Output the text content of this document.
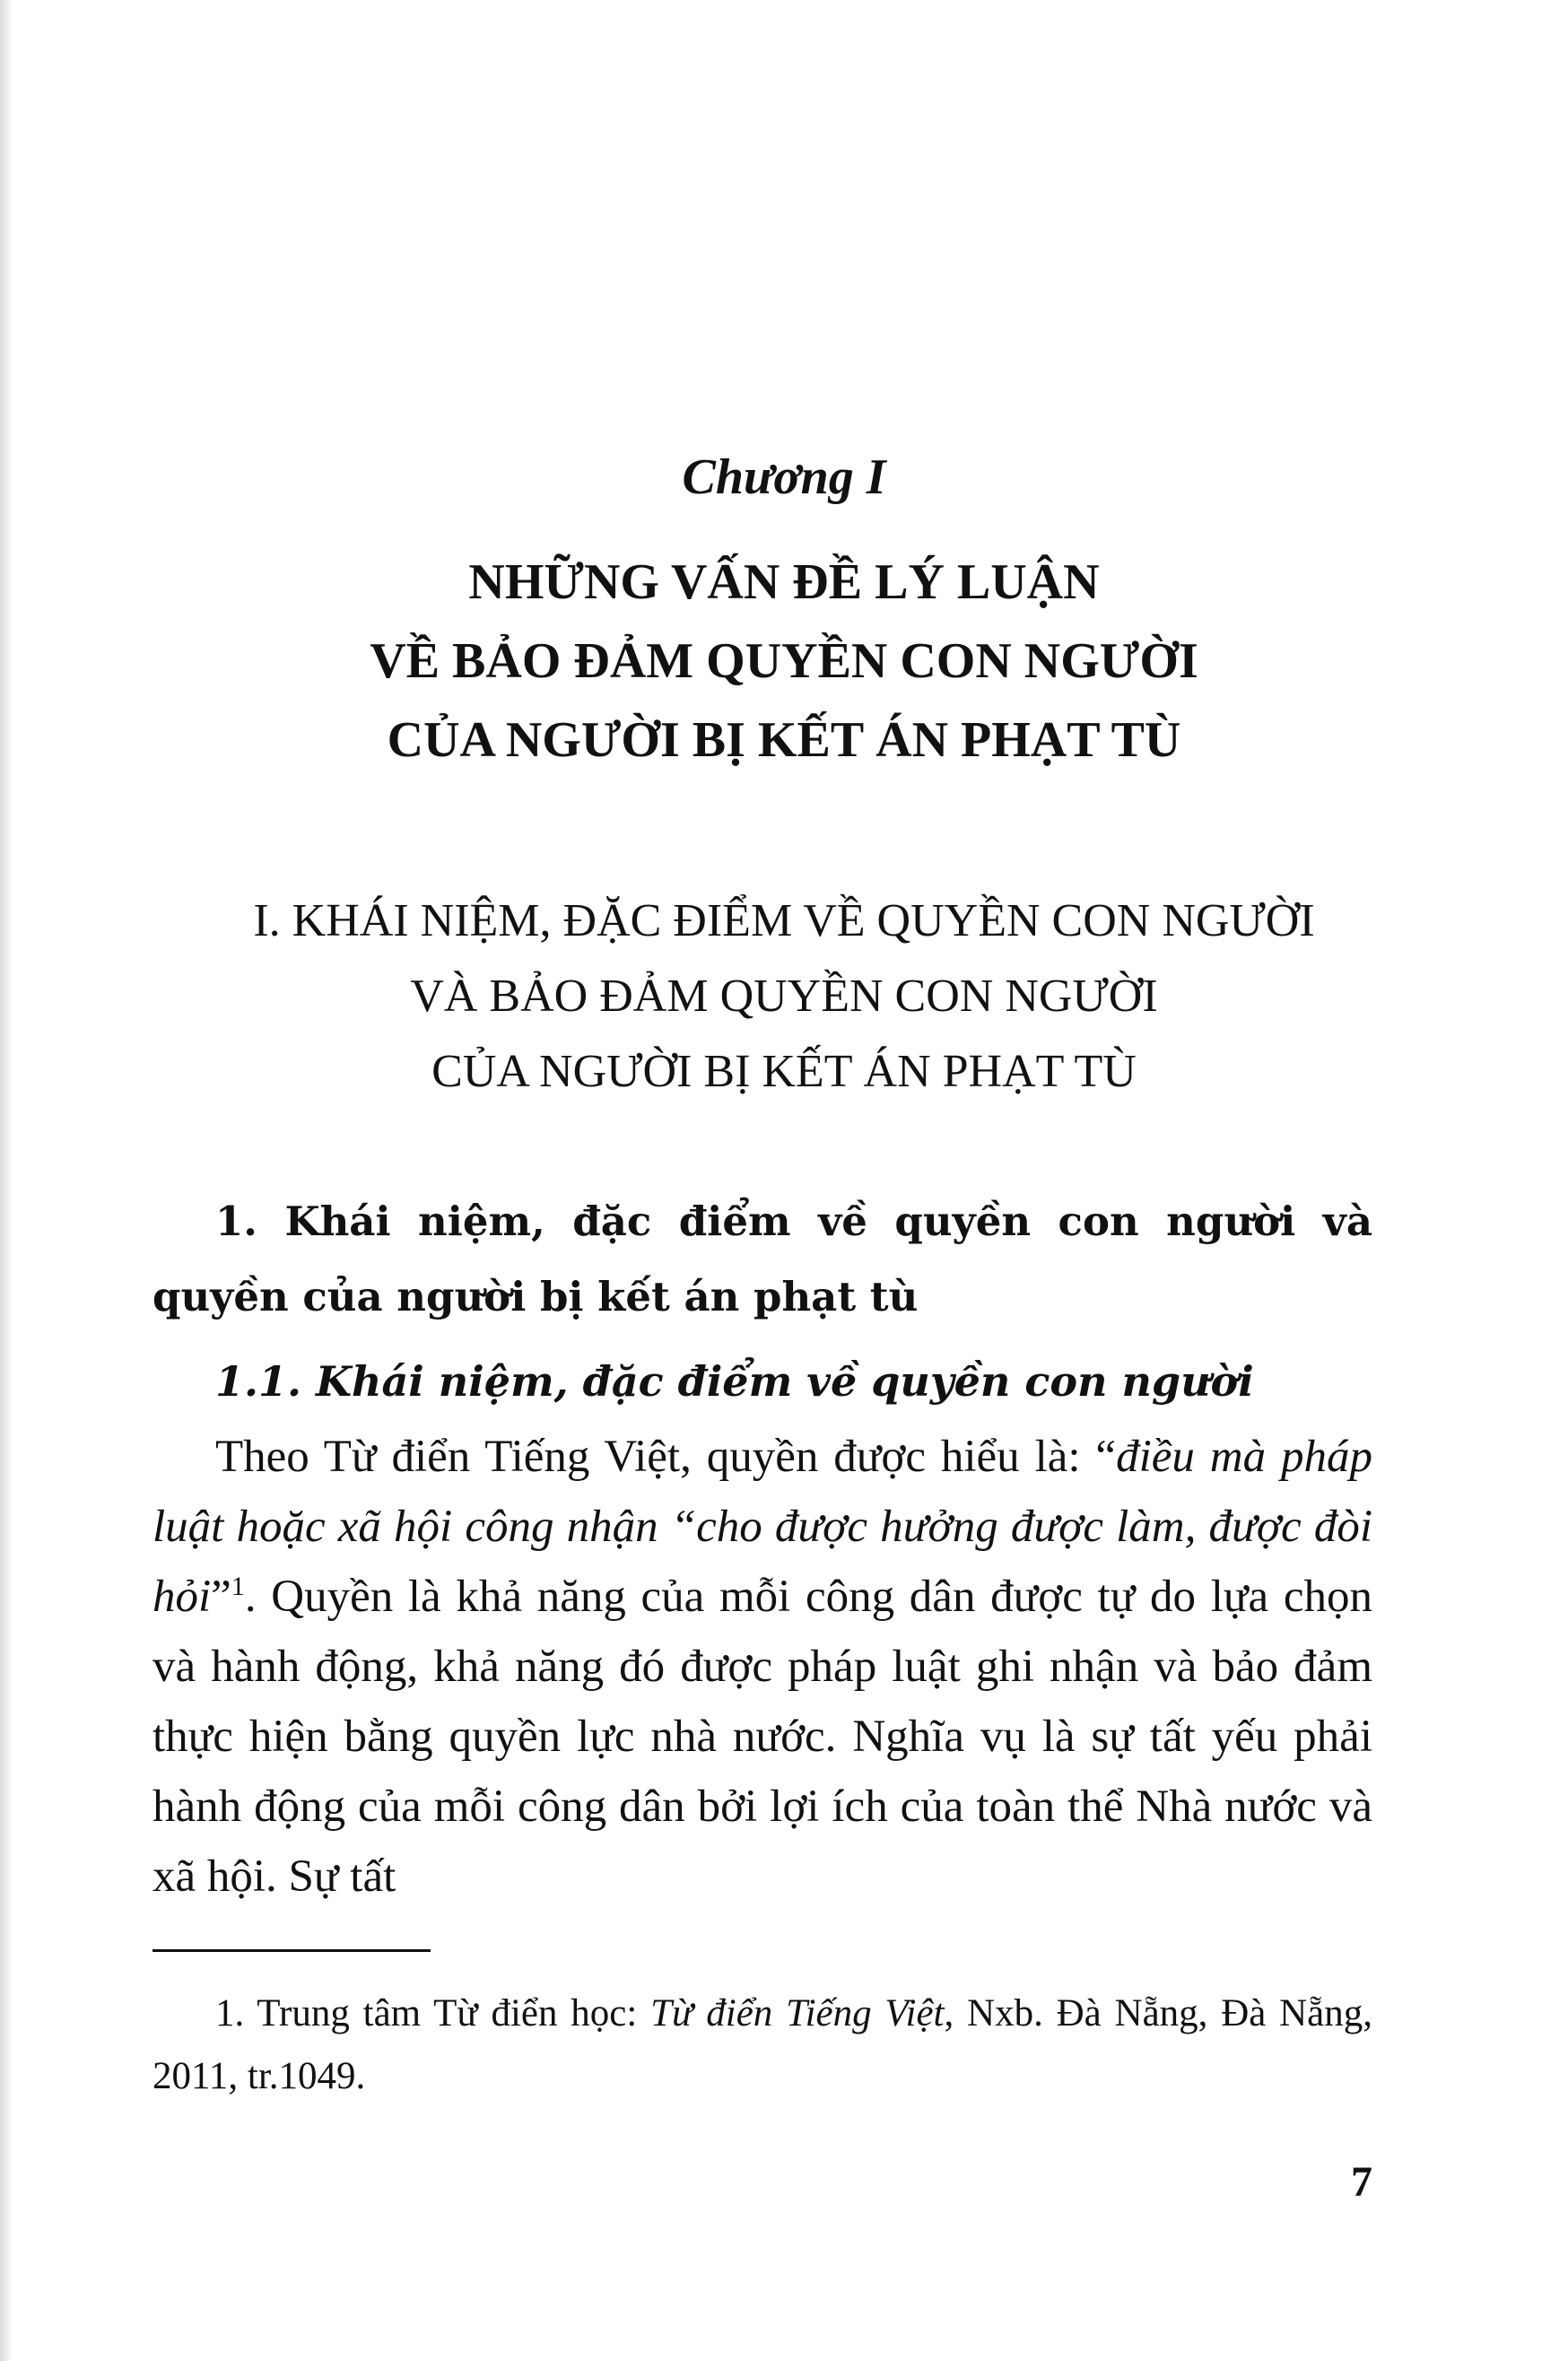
Chương I
NHỮNG VẤN ĐỀ LÝ LUẬN
VỀ BẢO ĐẢM QUYỀN CON NGƯỜI
CỦA NGƯỜI BỊ KẾT ÁN PHẠT TÙ
I. KHÁI NIỆM, ĐẶC ĐIỂM VỀ QUYỀN CON NGƯỜI
VÀ BẢO ĐẢM QUYỀN CON NGƯỜI
CỦA NGƯỜI BỊ KẾT ÁN PHẠT TÙ
1. Khái niệm, đặc điểm về quyền con người và quyền của người bị kết án phạt tù
1.1. Khái niệm, đặc điểm về quyền con người
Theo Từ điển Tiếng Việt, quyền được hiểu là: “điều mà pháp luật hoặc xã hội công nhận “cho được hưởng được làm, được đòi hỏi”$^1$. Quyền là khả năng của mỗi công dân được tự do lựa chọn và hành động, khả năng đó được pháp luật ghi nhận và bảo đảm thực hiện bằng quyền lực nhà nước. Nghĩa vụ là sự tất yếu phải hành động của mỗi công dân bởi lợi ích của toàn thể Nhà nước và xã hội. Sự tất
1. Trung tâm Từ điển học: Từ điển Tiếng Việt, Nxb. Đà Nẵng, Đà Nẵng, 2011, tr.1049.
7
